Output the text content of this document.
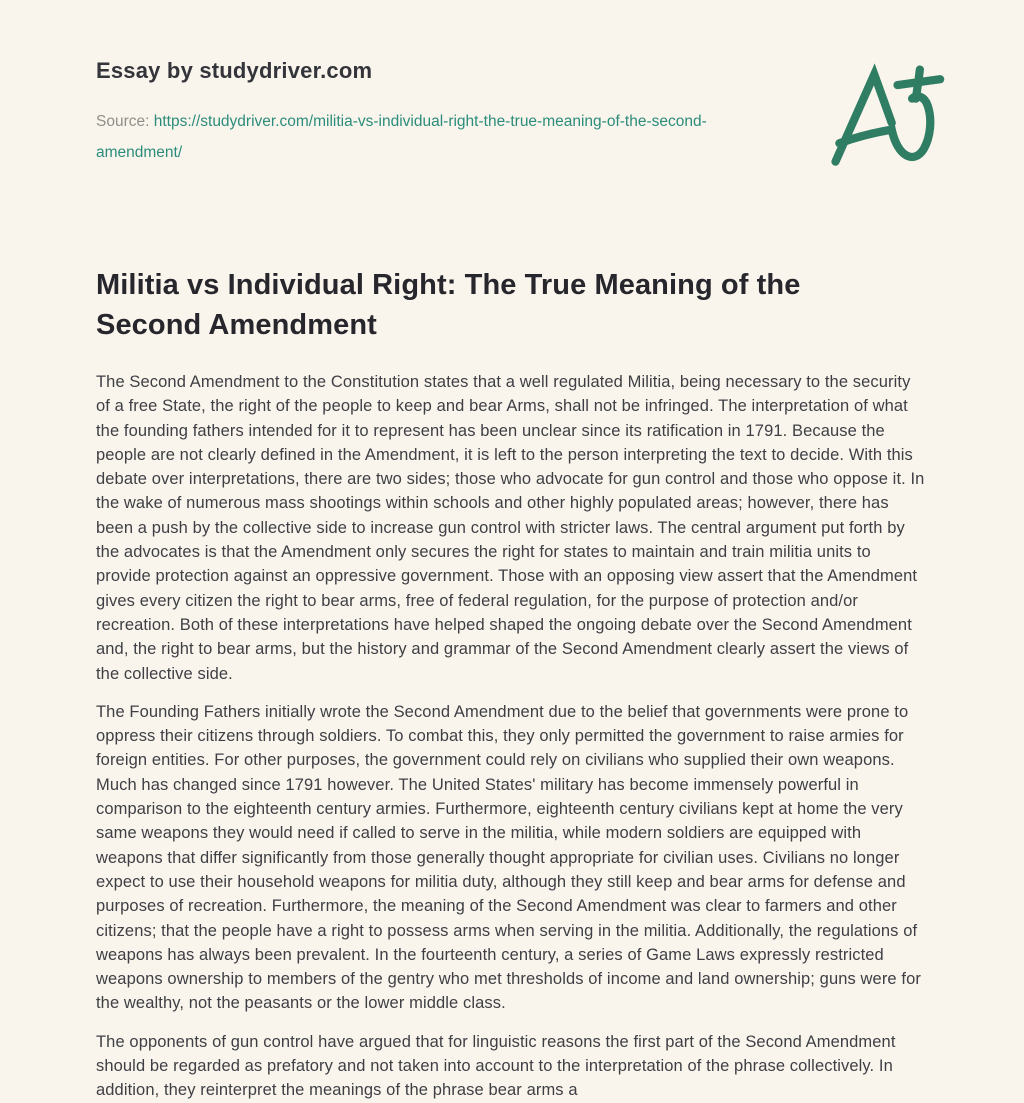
Essay by studydriver.com
Source: https://studydriver.com/militia-vs-individual-right-the-true-meaning-of-the-second-amendment/
Militia vs Individual Right: The True Meaning of the Second Amendment

The Second Amendment to the Constitution states that a well regulated Militia, being necessary to the security of a free State, the right of the people to keep and bear Arms, shall not be infringed. The interpretation of what the founding fathers intended for it to represent has been unclear since its ratification in 1791. Because the people are not clearly defined in the Amendment, it is left to the person interpreting the text to decide. With this debate over interpretations, there are two sides; those who advocate for gun control and those who oppose it. In the wake of numerous mass shootings within schools and other highly populated areas; however, there has been a push by the collective side to increase gun control with stricter laws. The central argument put forth by the advocates is that the Amendment only secures the right for states to maintain and train militia units to provide protection against an oppressive government. Those with an opposing view assert that the Amendment gives every citizen the right to bear arms, free of federal regulation, for the purpose of protection and/or recreation. Both of these interpretations have helped shaped the ongoing debate over the Second Amendment and, the right to bear arms, but the history and grammar of the Second Amendment clearly assert the views of the collective side.

The Founding Fathers initially wrote the Second Amendment due to the belief that governments were prone to oppress their citizens through soldiers. To combat this, they only permitted the government to raise armies for foreign entities. For other purposes, the government could rely on civilians who supplied their own weapons. Much has changed since 1791 however. The United States' military has become immensely powerful in comparison to the eighteenth century armies. Furthermore, eighteenth century civilians kept at home the very same weapons they would need if called to serve in the militia, while modern soldiers are equipped with weapons that differ significantly from those generally thought appropriate for civilian uses. Civilians no longer expect to use their household weapons for militia duty, although they still keep and bear arms for defense and purposes of recreation. Furthermore, the meaning of the Second Amendment was clear to farmers and other citizens; that the people have a right to possess arms when serving in the militia. Additionally, the regulations of weapons has always been prevalent. In the fourteenth century, a series of Game Laws expressly restricted weapons ownership to members of the gentry who met thresholds of income and land ownership; guns were for the wealthy, not the peasants or the lower middle class.

The opponents of gun control have argued that for linguistic reasons the first part of the Second Amendment should be regarded as prefatory and not taken into account to the interpretation of the phrase collectively. In addition, they reinterpret the meanings of the phrase bear arms a
